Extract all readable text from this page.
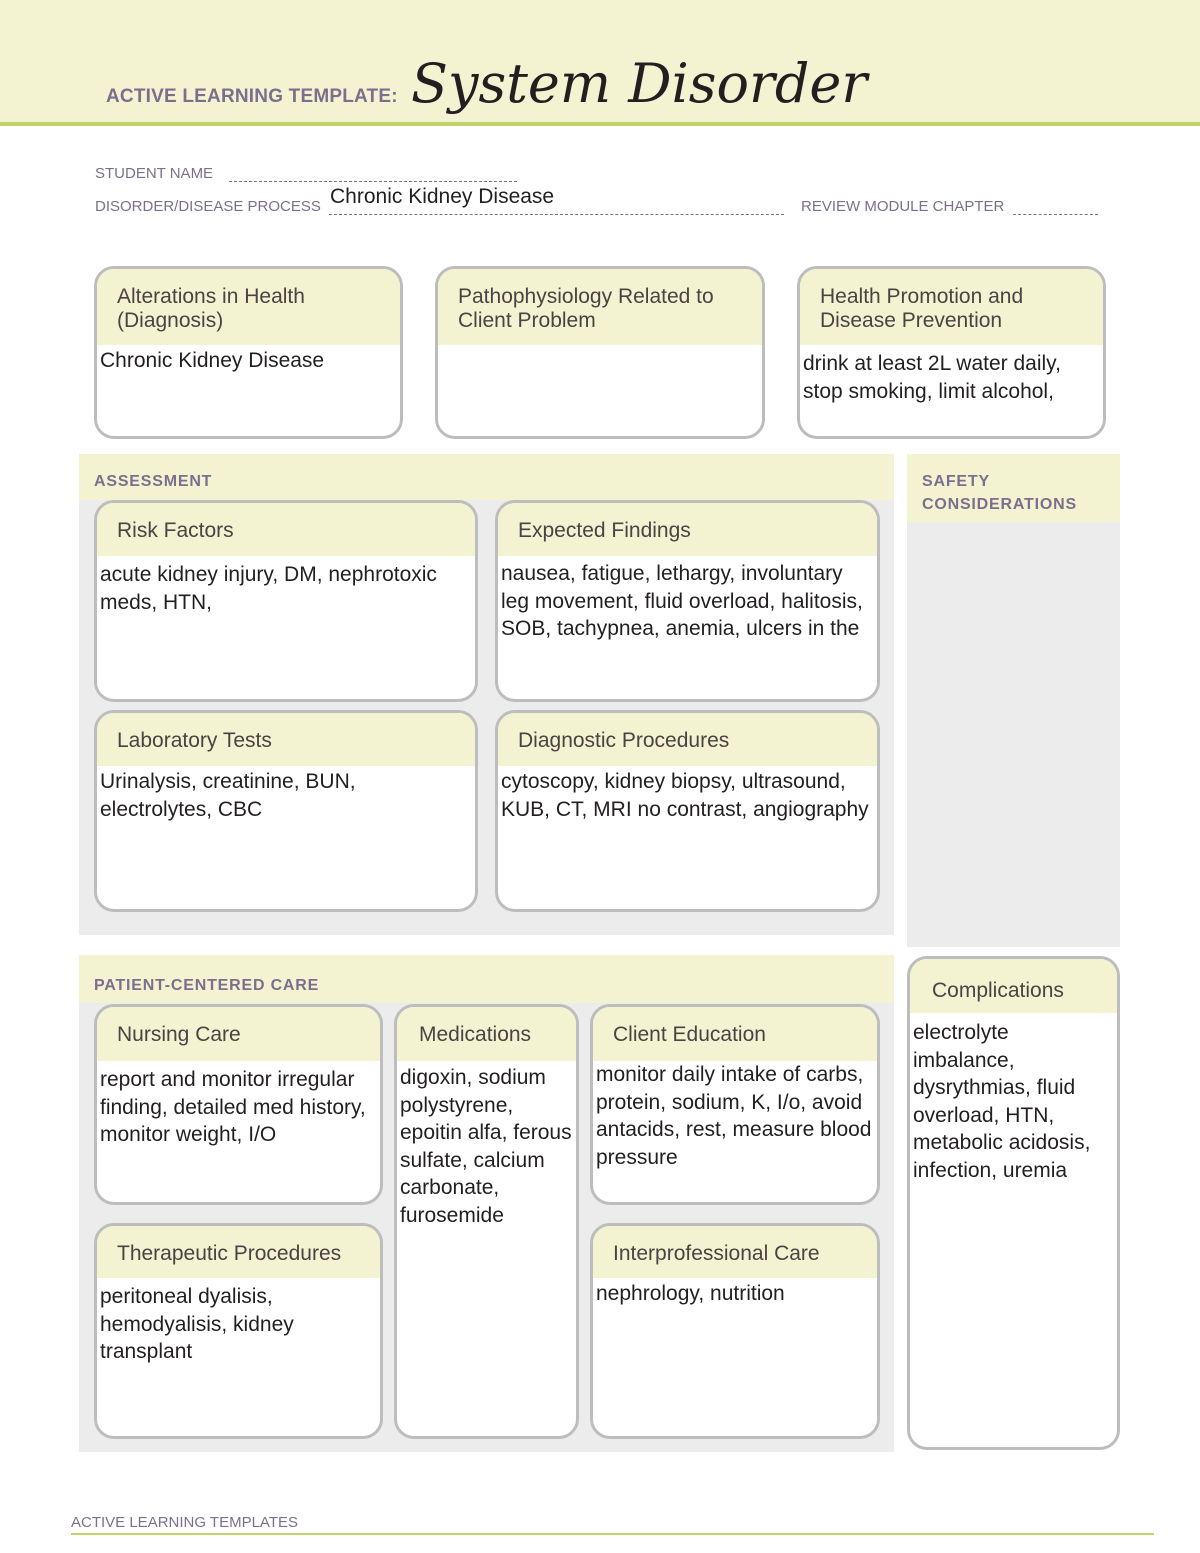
ACTIVE LEARNING TEMPLATE: System Disorder
STUDENT NAME
DISORDER/DISEASE PROCESS Chronic Kidney Disease	REVIEW MODULE CHAPTER
Alterations in Health (Diagnosis)
Chronic Kidney Disease
Pathophysiology Related to Client Problem
Health Promotion and Disease Prevention
drink at least 2L water daily, stop smoking, limit alcohol,
ASSESSMENT
Risk Factors
acute kidney injury, DM, nephrotoxic meds, HTN,
Expected Findings
nausea, fatigue, lethargy, involuntary leg movement, fluid overload, halitosis, SOB, tachypnea, anemia, ulcers in the
Laboratory Tests
Urinalysis, creatinine, BUN, electrolytes, CBC
Diagnostic Procedures
cytoscopy, kidney biopsy, ultrasound, KUB, CT, MRI no contrast, angiography
SAFETY CONSIDERATIONS
Complications
electrolyte imbalance, dysrythmias, fluid overload, HTN, metabolic acidosis, infection, uremia
PATIENT-CENTERED CARE
Nursing Care
report and monitor irregular finding, detailed med history, monitor weight, I/O
Medications
digoxin, sodium polystyrene, epoitin alfa, ferous sulfate, calcium carbonate, furosemide
Client Education
monitor daily intake of carbs, protein, sodium, K, I/o, avoid antacids, rest, measure blood pressure
Therapeutic Procedures
peritoneal dyalisis, hemodyalisis, kidney transplant
Interprofessional Care
nephrology, nutrition
ACTIVE LEARNING TEMPLATES
